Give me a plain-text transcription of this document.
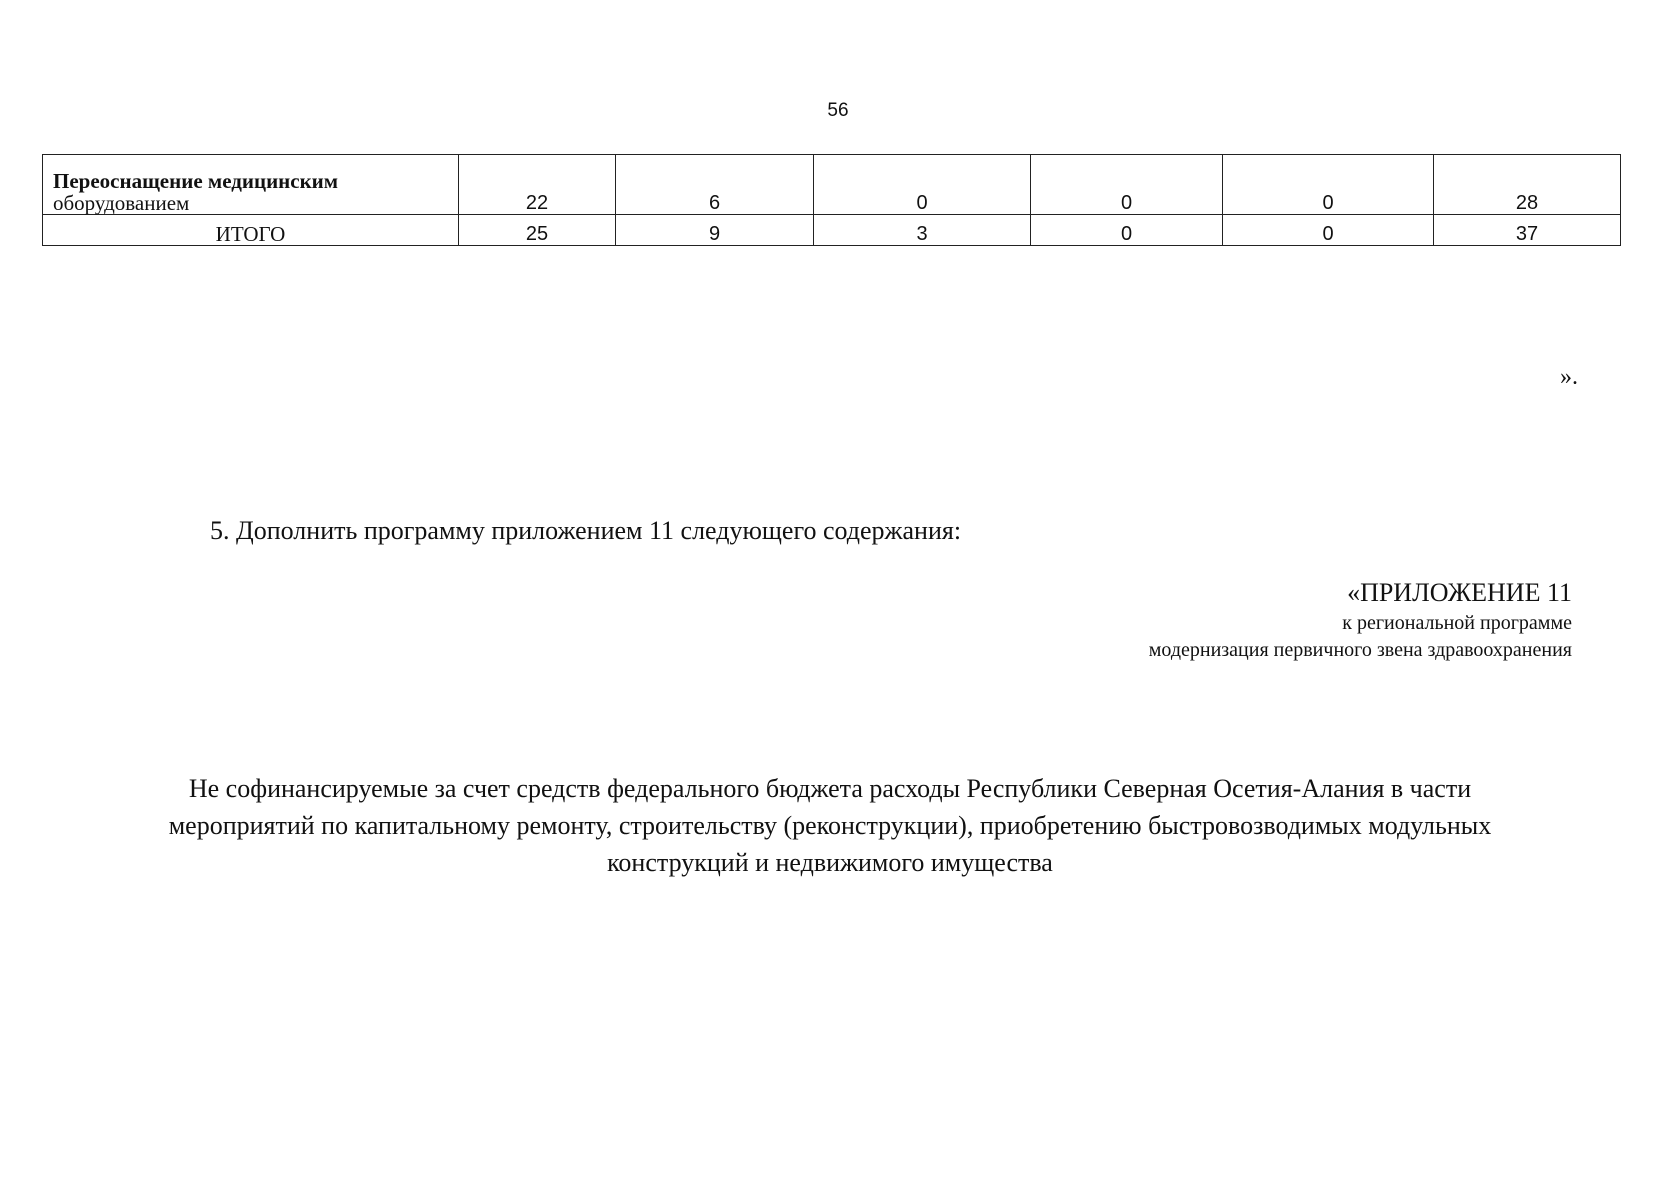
56
Переоснащение медицинским
оборудованием	22	6	0	0	0	28
ИТОГО	25	9	3	0	0	37
».
5. Дополнить программу приложением 11 следующего содержания:
«ПРИЛОЖЕНИЕ 11
к региональной программе
модернизация первичного звена здравоохранения
Не софинансируемые за счет средств федерального бюджета расходы Республики Северная Осетия-Алания в части
мероприятий по капитальному ремонту, строительству (реконструкции), приобретению быстровозводимых модульных
конструкций и недвижимого имущества
